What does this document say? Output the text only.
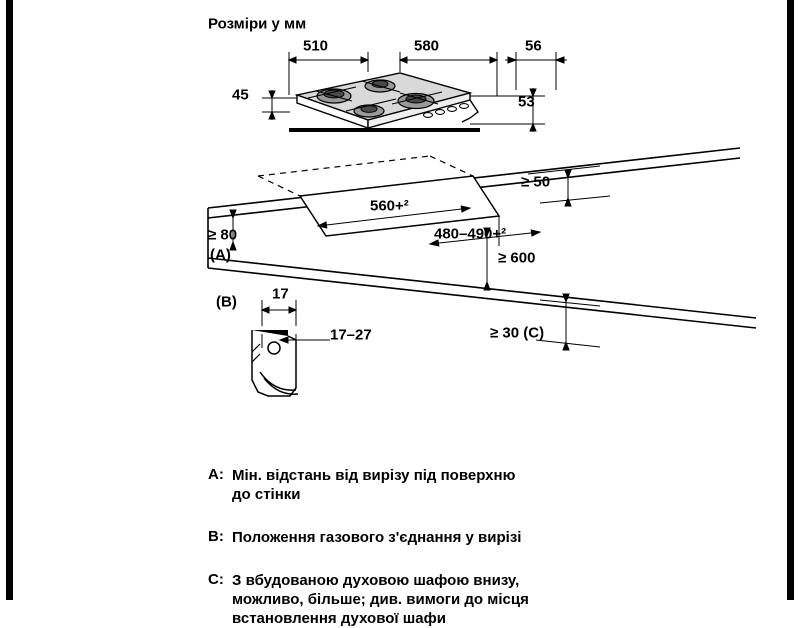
Розміри у мм
510	580	56
45	53
≥ 50
560+²
480–490+²
≥ 80
(A)	≥ 600
(B) 17
17–27	≥ 30 (C)
A: Мін. відстань від вирізу під поверхню
до стінки
B: Положення газового з'єднання у вирізі
C: З вбудованою духовою шафою внизу,
можливо, більше; див. вимоги до місця
встановлення духової шафи
